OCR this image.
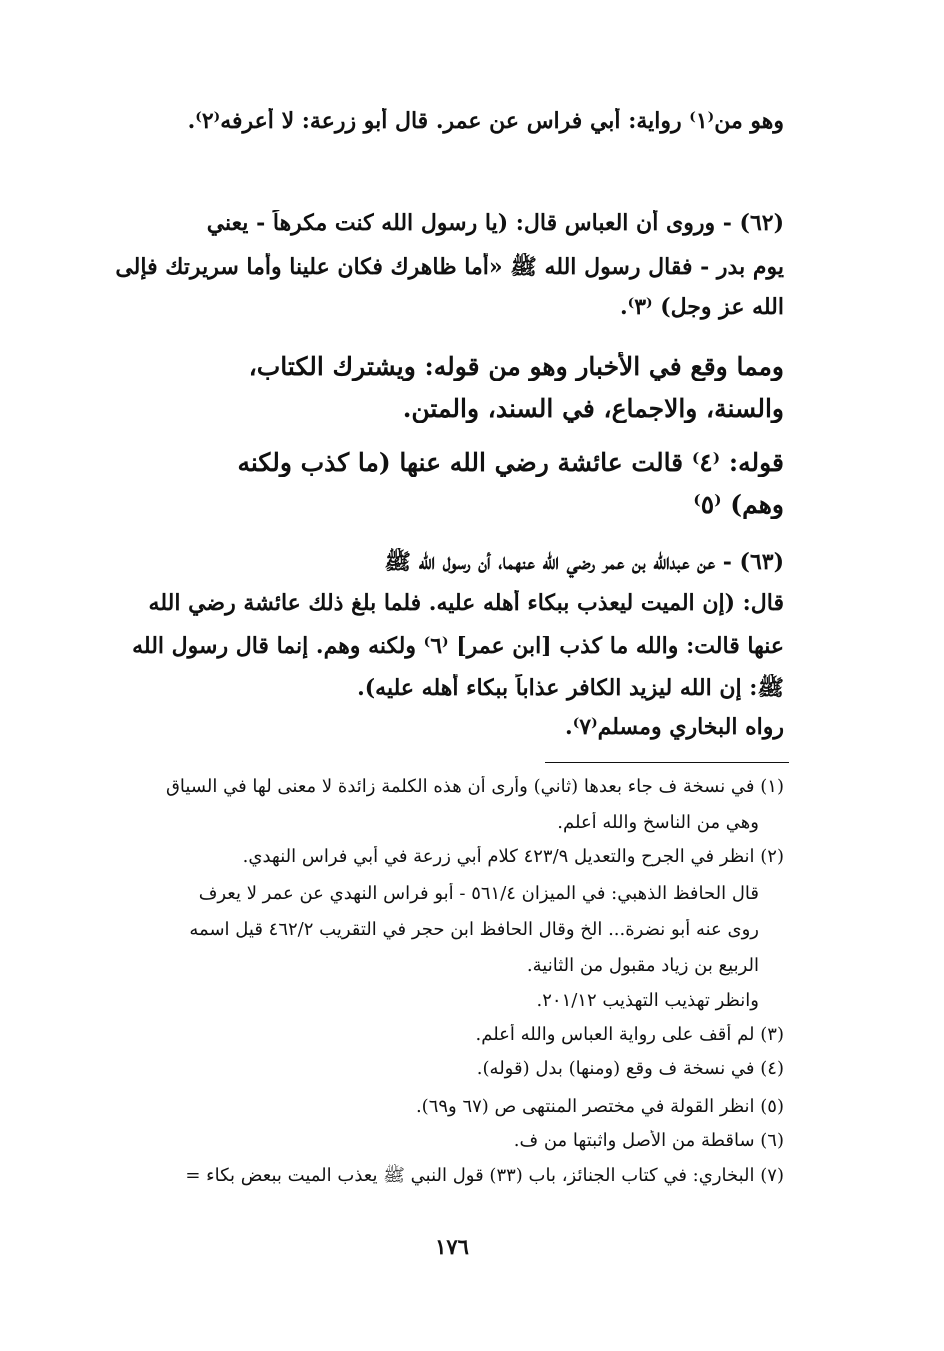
وهو من⁽١⁾ رواية: أبي فراس عن عمر. قال أبو زرعة: لا أعرفه⁽٢⁾.
(٦٢) - وروى أن العباس قال: (يا رسول الله كنت مكرهاً - يعني
يوم بدر - فقال رسول الله ﷺ «أما ظاهرك فكان علينا وأما سريرتك فإلى
الله عز وجل) ⁽٣⁾.
ومما وقع في الأخبار وهو من قوله: ويشترك الكتاب،
والسنة، والاجماع، في السند، والمتن.
قوله: ⁽٤⁾ قالت عائشة رضي الله عنها (ما كذب ولكنه
وهم) ⁽٥⁾
(٦٣) - عن عبدالله بن عمر رضي الله عنهما، أن رسول الله ﷺ
قال: (إن الميت ليعذب ببكاء أهله عليه. فلما بلغ ذلك عائشة رضي الله
عنها قالت: والله ما كذب [ابن عمر] ⁽٦⁾ ولكنه وهم. إنما قال رسول الله
ﷺ: إن الله ليزيد الكافر عذاباً ببكاء أهله عليه).
رواه البخاري ومسلم⁽٧⁾.
(١) في نسخة ف جاء بعدها (ثاني) وأرى أن هذه الكلمة زائدة لا معنى لها في السياق
وهي من الناسخ والله أعلم.
(٢) انظر في الجرح والتعديل ٤٢٣/٩ كلام أبي زرعة في أبي فراس النهدي.
قال الحافظ الذهبي: في الميزان ٥٦١/٤ - أبو فراس النهدي عن عمر لا يعرف
روى عنه أبو نضرة... الخ وقال الحافظ ابن حجر في التقريب ٤٦٢/٢ قيل اسمه
الربيع بن زياد مقبول من الثانية.
وانظر تهذيب التهذيب ٢٠١/١٢.
(٣) لم أقف على رواية العباس والله أعلم.
(٤) في نسخة ف وقع (ومنها) بدل (قوله).
(٥) انظر القولة في مختصر المنتهى ص (٦٧ و٦٩).
(٦) ساقطة من الأصل واثبتها من ف.
(٧) البخاري: في كتاب الجنائز، باب (٣٣) قول النبي ﷺ يعذب الميت ببعض بكاء =
١٧٦
